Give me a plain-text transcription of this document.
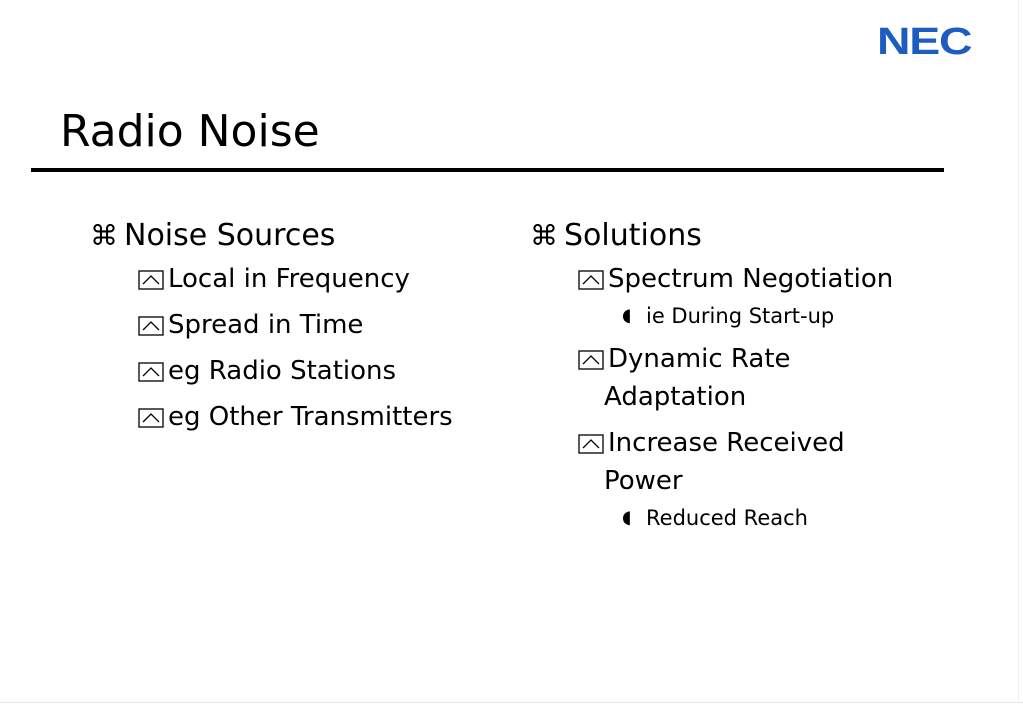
NEC
Radio Noise
⌘ Noise Sources
Local in Frequency
Spread in Time
eg Radio Stations
eg Other Transmitters
⌘ Solutions
Spectrum Negotiation
◖ ie During Start-up
Dynamic Rate Adaptation
Increase Received Power
◖ Reduced Reach
